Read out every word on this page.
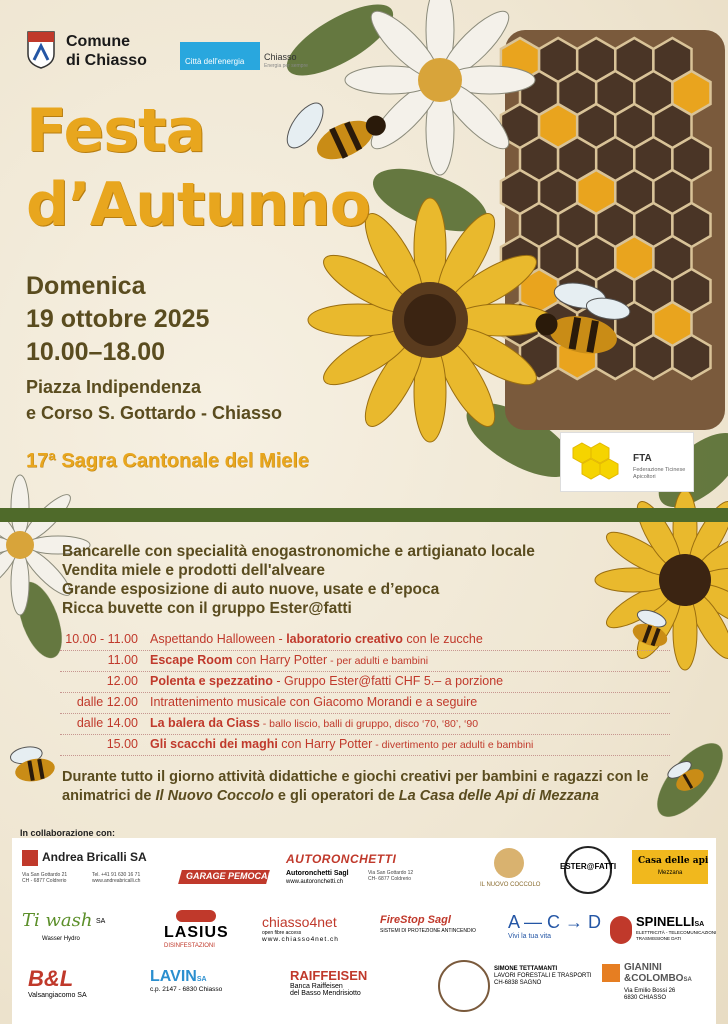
Comune
di Chiasso	Città dell'energia Chiasso
Energia per sempre
Festa
d’Autunno
Domenica
19 ottobre 2025
10.00–18.00
Piazza Indipendenza
e Corso S. Gottardo - Chiasso
17ª Sagra Cantonale del Miele	FTA
Federazione Ticinese Apicoltori
Bancarelle con specialità enogastronomiche e artigianato locale
Vendita miele e prodotti dell'alveare
Grande esposizione di auto nuove, usate e d’epoca
Ricca buvette con il gruppo Ester@fatti
10.00 - 11.00 Aspettando Halloween - laboratorio creativo con le zucche
11.00 Escape Room con Harry Potter - per adulti e bambini
12.00 Polenta e spezzatino - Gruppo Ester@fatti CHF 5.– a porzione
dalle 12.00 Intrattenimento musicale con Giacomo Morandi e a seguire
dalle 14.00 La balera da Ciass - ballo liscio, balli di gruppo, disco ‘70, ‘80’, ‘90
15.00 Gli scacchi dei maghi con Harry Potter - divertimento per adulti e bambini
Durante tutto il giorno attività didattiche e giochi creativi per bambini e ragazzi con le animatrici de Il Nuovo Coccolo e gli operatori de La Casa delle Api di Mezzana
In collaborazione con:
Andrea Bricalli SA
Via San Gottardo 21
CH - 6877 Coldrerio
Tel. +41 91 630 16 71
www.andreabricalli.ch	GARAGE PEMOCAR SA
AUTORONCHETTI
Autoronchetti Sagl
www.autoronchetti.ch
Via San Gottardo 12
CH- 6877 Coldrerio
IL NUOVO COCCOLO
ESTER@FATTI
Casa delle api
Mezzana
Ti wash SA
Wasser Hydro	LASIUS
DISINFESTAZIONI
chiasso4net
open fibre access
www.chiasso4net.ch
FireStop Sagl
SISTEMI DI PROTEZIONE ANTINCENDIO	A — C → D
Vivi la tua vita
SPINELLISA
ELETTRICITÀ - TELECOMUNICAZIONI
TRASMISSIONE DATI
B&L
Valsangiacomo SA
LAVINSA
c.p. 2147 - 6830 Chiasso
RAIFFEISEN
Banca Raiffeisen
del Basso Mendrisiotto
SIMONE TETTAMANTI
LAVORI FORESTALI E TRASPORTI
CH-6838 SAGNO
GIANINI
&COLOMBOSA
Via Emilio Bossi 26
6830 CHIASSO
